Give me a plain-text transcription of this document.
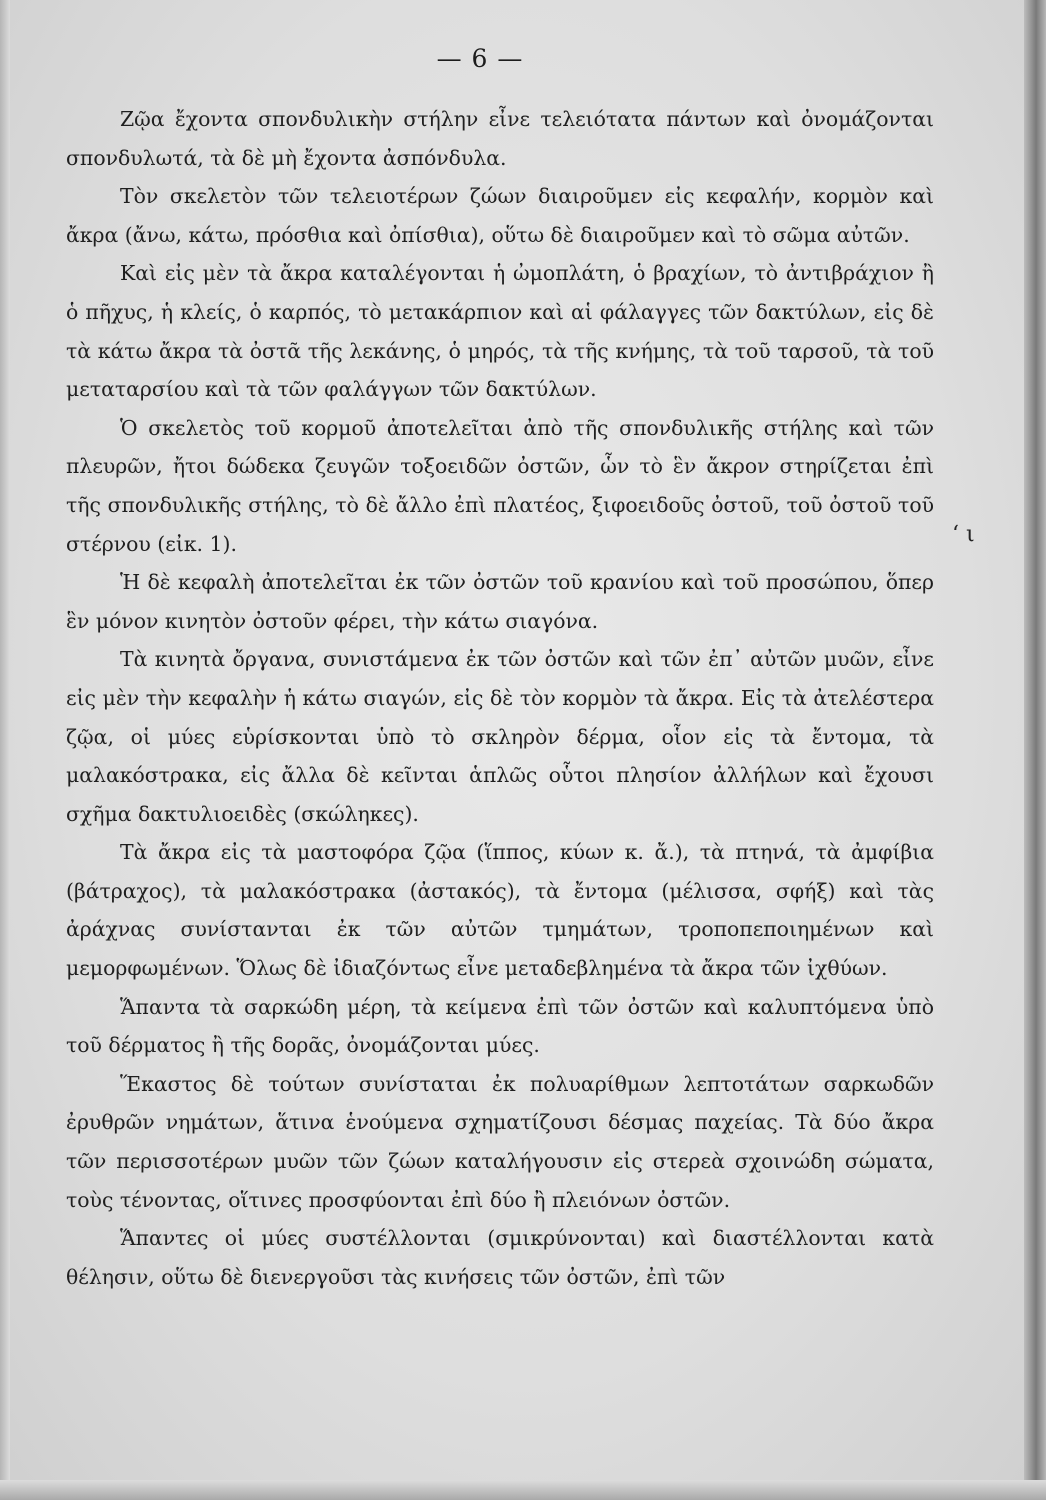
— 6 —

Ζῷα ἔχοντα σπονδυλικὴν στήλην εἶνε τελειότατα πάντων καὶ ὀνομάζονται σπονδυλωτά, τὰ δὲ μὴ ἔχοντα ἀσπόνδυλα.

Τὸν σκελετὸν τῶν τελειοτέρων ζώων διαιροῦμεν εἰς κεφαλήν, κορμὸν καὶ ἄκρα (ἄνω, κάτω, πρόσθια καὶ ὀπίσθια), οὕτω δὲ διαιροῦμεν καὶ τὸ σῶμα αὐτῶν.

Καὶ εἰς μὲν τὰ ἄκρα καταλέγονται ἡ ὠμοπλάτη, ὁ βραχίων, τὸ ἀντιβράχιον ἢ ὁ πῆχυς, ἡ κλείς, ὁ καρπός, τὸ μετακάρπιον καὶ αἱ φάλαγγες τῶν δακτύλων, εἰς δὲ τὰ κάτω ἄκρα τὰ ὀστᾶ τῆς λεκάνης, ὁ μηρός, τὰ τῆς κνήμης, τὰ τοῦ ταρσοῦ, τὰ τοῦ μεταταρσίου καὶ τὰ τῶν φαλάγγων τῶν δακτύλων.

Ὁ σκελετὸς τοῦ κορμοῦ ἀποτελεῖται ἀπὸ τῆς σπονδυλικῆς στήλης καὶ τῶν πλευρῶν, ἤτοι δώδεκα ζευγῶν τοξοειδῶν ὀστῶν, ὧν τὸ ἓν ἄκρον στηρίζεται ἐπὶ τῆς σπονδυλικῆς στήλης, τὸ δὲ ἄλλο ἐπὶ πλατέος, ξιφοειδοῦς ὀστοῦ, τοῦ ὀστοῦ τοῦ στέρνου (εἰκ. 1).

Ἡ δὲ κεφαλὴ ἀποτελεῖται ἐκ τῶν ὀστῶν τοῦ κρανίου καὶ τοῦ προσώπου, ὅπερ ἓν μόνον κινητὸν ὀστοῦν φέρει, τὴν κάτω σιαγόνα.

Τὰ κινητὰ ὄργανα, συνιστάμενα ἐκ τῶν ὀστῶν καὶ τῶν ἐπ᾽ αὐτῶν μυῶν, εἶνε εἰς μὲν τὴν κεφαλὴν ἡ κάτω σιαγών, εἰς δὲ τὸν κορμὸν τὰ ἄκρα. Εἰς τὰ ἀτελέστερα ζῷα, οἱ μύες εὑρίσκονται ὑπὸ τὸ σκληρὸν δέρμα, οἷον εἰς τὰ ἔντομα, τὰ μαλακόστρακα, εἰς ἄλλα δὲ κεῖνται ἁπλῶς οὗτοι πλησίον ἀλλήλων καὶ ἔχουσι σχῆμα δακτυλιοειδὲς (σκώληκες).

Τὰ ἄκρα εἰς τὰ μαστοφόρα ζῷα (ἵππος, κύων κ. ἄ.), τὰ πτηνά, τὰ ἀμφίβια (βάτραχος), τὰ μαλακόστρακα (ἀστακός), τὰ ἔντομα (μέλισσα, σφήξ) καὶ τὰς ἀράχνας συνίστανται ἐκ τῶν αὐτῶν τμημάτων, τροποπεποιημένων καὶ μεμορφωμένων. Ὅλως δὲ ἰδιαζόντως εἶνε μεταδεβλημένα τὰ ἄκρα τῶν ἰχθύων.

Ἅπαντα τὰ σαρκώδη μέρη, τὰ κείμενα ἐπὶ τῶν ὀστῶν καὶ καλυπτόμενα ὑπὸ τοῦ δέρματος ἢ τῆς δορᾶς, ὀνομάζονται μύες.

Ἕκαστος δὲ τούτων συνίσταται ἐκ πολυαρίθμων λεπτοτάτων σαρκωδῶν ἐρυθρῶν νημάτων, ἅτινα ἑνούμενα σχηματίζουσι δέσμας παχείας. Τὰ δύο ἄκρα τῶν περισσοτέρων μυῶν τῶν ζώων καταλήγουσιν εἰς στερεὰ σχοινώδη σώματα, τοὺς τένοντας, οἵτινες προσφύονται ἐπὶ δύο ἢ πλειόνων ὀστῶν.

Ἅπαντες οἱ μύες συστέλλονται (σμικρύνονται) καὶ διαστέλλονται κατὰ θέλησιν, οὕτω δὲ διενεργοῦσι τὰς κινήσεις τῶν ὀστῶν, ἐπὶ τῶν

‘ ι
